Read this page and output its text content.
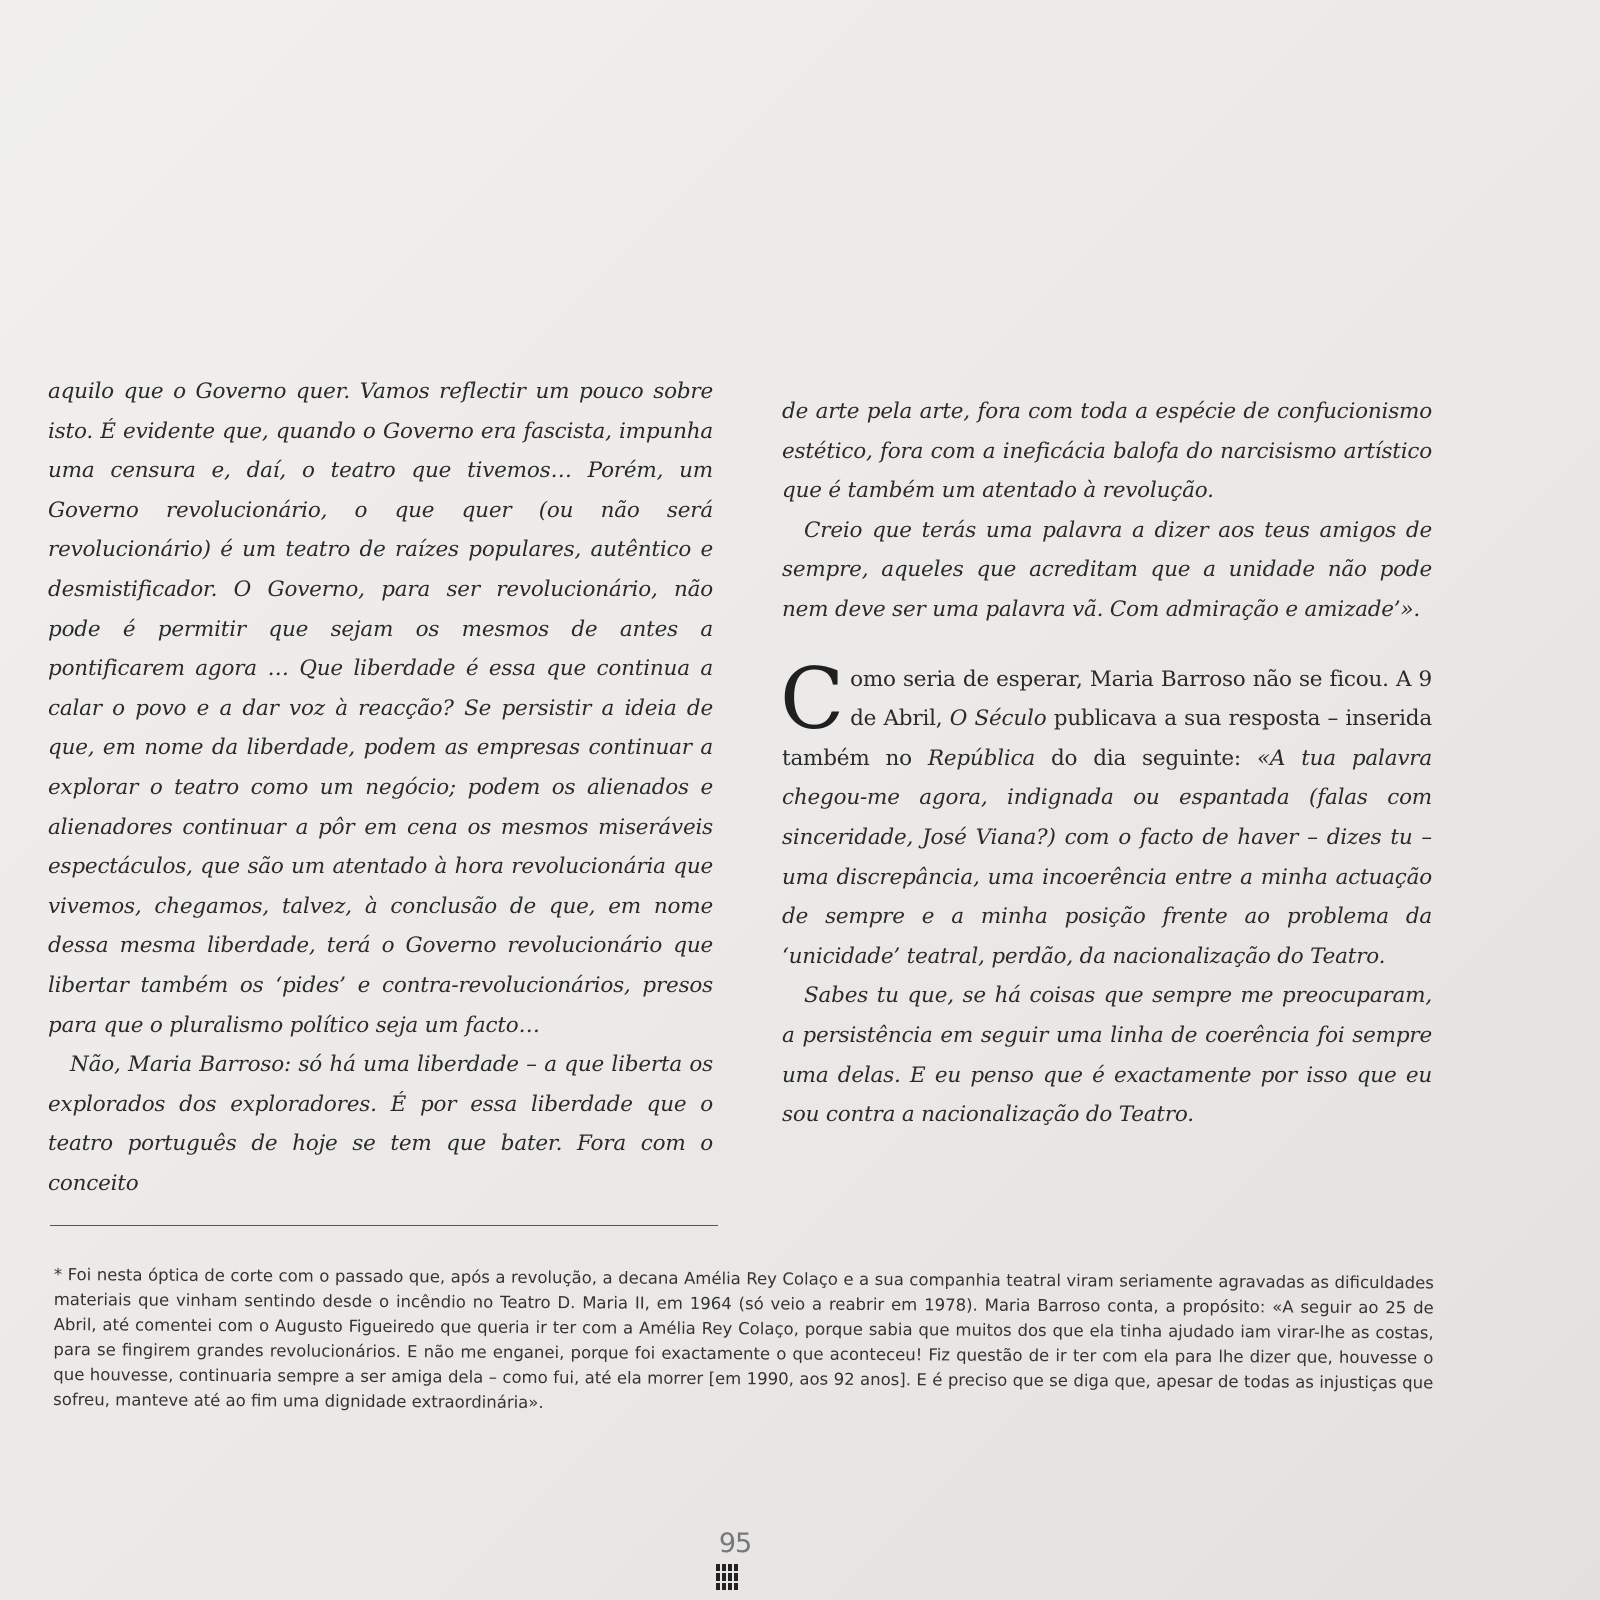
aquilo que o Governo quer. Vamos reflectir um pouco sobre isto. É evidente que, quando o Governo era fascista, impunha uma censura e, daí, o teatro que tivemos… Porém, um Governo revolucionário, o que quer (ou não será revolucionário) é um teatro de raízes populares, autêntico e desmistificador. O Governo, para ser revolucionário, não pode é permitir que sejam os mesmos de antes a pontificarem agora … Que liberdade é essa que continua a calar o povo e a dar voz à reacção? Se persistir a ideia de que, em nome da liberdade, podem as empresas continuar a explorar o teatro como um negócio; podem os alienados e alienadores continuar a pôr em cena os mesmos miseráveis espectáculos, que são um atentado à hora revolucionária que vivemos, chegamos, talvez, à conclusão de que, em nome dessa mesma liberdade, terá o Governo revolucionário que libertar também os ‘pides’ e contra-revolucionários, presos para que o pluralismo político seja um facto…

Não, Maria Barroso: só há uma liberdade – a que liberta os explorados dos exploradores. É por essa liberdade que o teatro português de hoje se tem que bater. Fora com o conceito

de arte pela arte, fora com toda a espécie de confucionismo estético, fora com a ineficácia balofa do narcisismo artístico que é também um atentado à revolução.

Creio que terás uma palavra a dizer aos teus amigos de sempre, aqueles que acreditam que a unidade não pode nem deve ser uma palavra vã. Com admiração e amizade’».

Como seria de esperar, Maria Barroso não se ficou. A 9 de Abril, O Século publicava a sua resposta – inserida também no República do dia seguinte: «A tua palavra chegou-me agora, indignada ou espantada (falas com sinceridade, José Viana?) com o facto de haver – dizes tu – uma discrepância, uma incoerência entre a minha actuação de sempre e a minha posição frente ao problema da ‘unicidade’ teatral, perdão, da nacionalização do Teatro.

Sabes tu que, se há coisas que sempre me preocuparam, a persistência em seguir uma linha de coerência foi sempre uma delas. E eu penso que é exactamente por isso que eu sou contra a nacionalização do Teatro.

* Foi nesta óptica de corte com o passado que, após a revolução, a decana Amélia Rey Colaço e a sua companhia teatral viram seriamente agravadas as dificuldades materiais que vinham sentindo desde o incêndio no Teatro D. Maria II, em 1964 (só veio a reabrir em 1978). Maria Barroso conta, a propósito: «A seguir ao 25 de Abril, até comentei com o Augusto Figueiredo que queria ir ter com a Amélia Rey Colaço, porque sabia que muitos dos que ela tinha ajudado iam virar-lhe as costas, para se fingirem grandes revolucionários. E não me enganei, porque foi exactamente o que aconteceu! Fiz questão de ir ter com ela para lhe dizer que, houvesse o que houvesse, continuaria sempre a ser amiga dela – como fui, até ela morrer [em 1990, aos 92 anos]. E é preciso que se diga que, apesar de todas as injustiças que sofreu, manteve até ao fim uma dignidade extraordinária».
95
